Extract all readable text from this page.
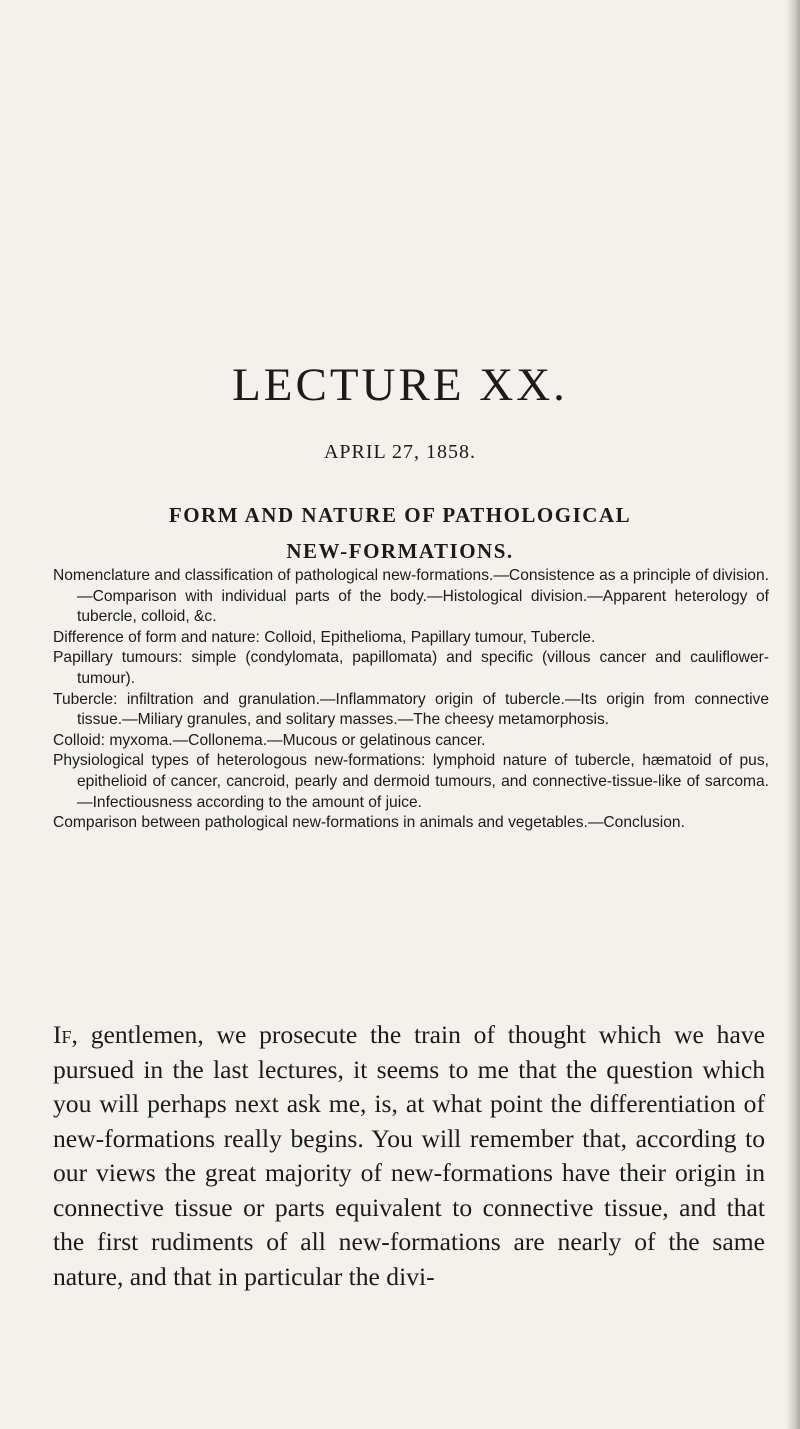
LECTURE XX.
APRIL 27, 1858.
FORM AND NATURE OF PATHOLOGICAL NEW-FORMATIONS.

Nomenclature and classification of pathological new-formations.—Consistence as a principle of division.—Comparison with individual parts of the body.—Histological division.—Apparent heterology of tubercle, colloid, &c.

Difference of form and nature: Colloid, Epithelioma, Papillary tumour, Tubercle.

Papillary tumours: simple (condylomata, papillomata) and specific (villous cancer and cauliflower-tumour).

Tubercle: infiltration and granulation.—Inflammatory origin of tubercle.—Its origin from connective tissue.—Miliary granules, and solitary masses.—The cheesy metamorphosis.

Colloid: myxoma.—Collonema.—Mucous or gelatinous cancer.

Physiological types of heterologous new-formations: lymphoid nature of tubercle, hæmatoid of pus, epithelioid of cancer, cancroid, pearly and dermoid tumours, and connective-tissue-like of sarcoma.—Infectiousness according to the amount of juice.

Comparison between pathological new-formations in animals and vegetables.—Conclusion.

If, gentlemen, we prosecute the train of thought which we have pursued in the last lectures, it seems to me that the question which you will perhaps next ask me, is, at what point the differentiation of new-formations really begins. You will remember that, according to our views the great majority of new-formations have their origin in connective tissue or parts equivalent to connective tissue, and that the first rudiments of all new-formations are nearly of the same nature, and that in particular the divi-
